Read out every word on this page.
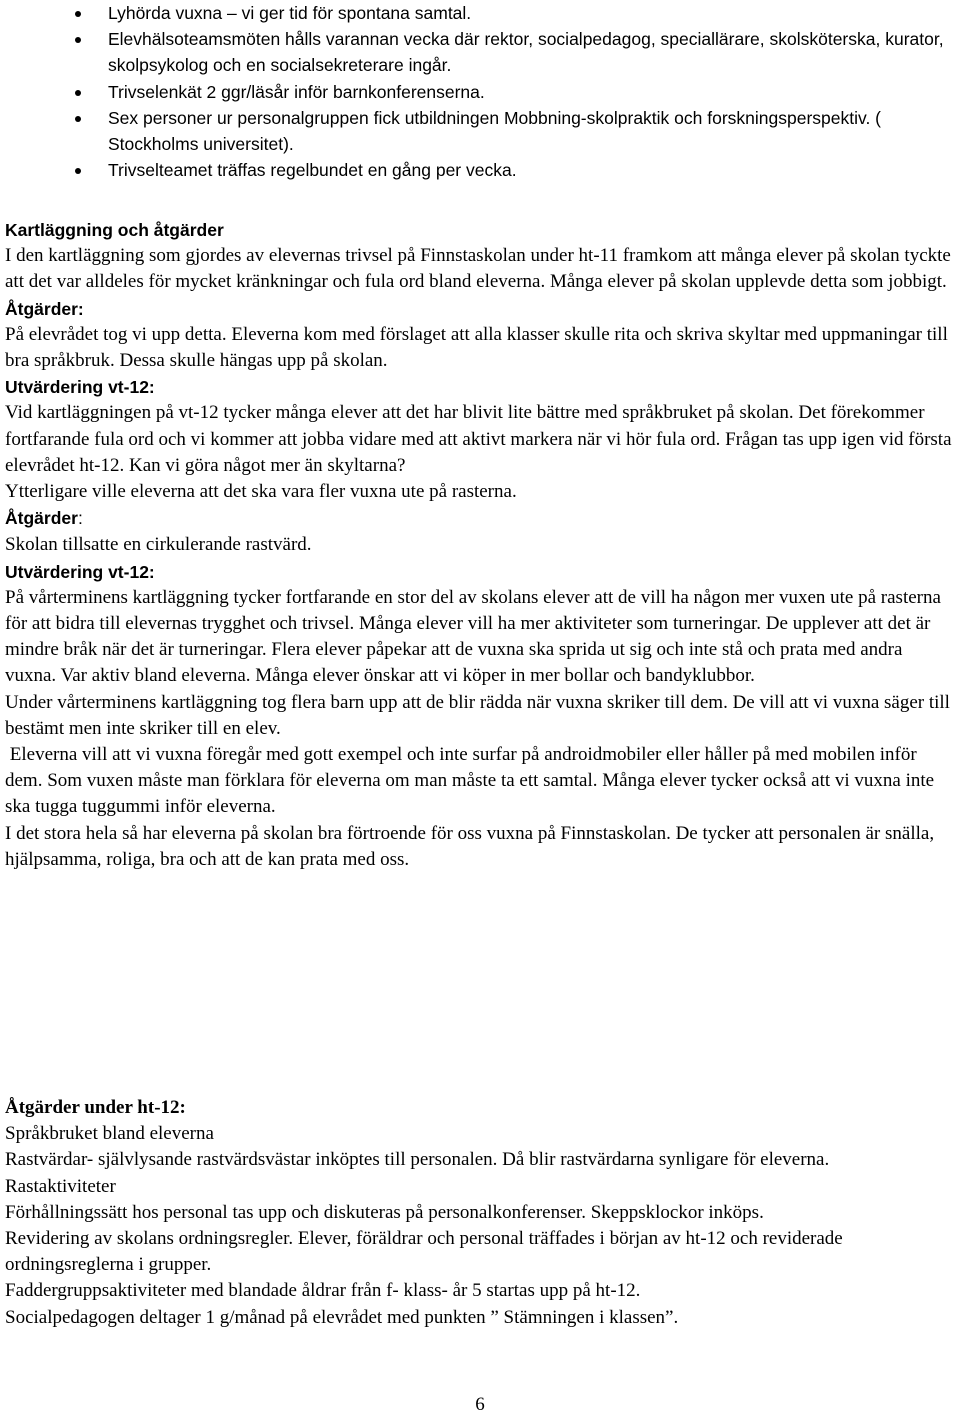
Lyhörda vuxna – vi ger tid för spontana samtal.
Elevhälsoteamsmöten hålls varannan vecka där rektor, socialpedagog, speciallärare, skolsköterska, kurator, skolpsykolog och en socialsekreterare ingår.
Trivselenkät 2 ggr/läsår inför barnkonferenserna.
Sex personer ur personalgruppen fick utbildningen Mobbning-skolpraktik och forskningsperspektiv. ( Stockholms universitet).
Trivselteamet träffas regelbundet en gång per vecka.

Kartläggning och åtgärder

I den kartläggning som gjordes av elevernas trivsel på Finnstaskolan under ht-11 framkom att många elever på skolan tyckte att det var alldeles för mycket kränkningar och fula ord bland eleverna. Många elever på skolan upplevde detta som jobbigt.

Åtgärder:

På elevrådet tog vi upp detta. Eleverna kom med förslaget att alla klasser skulle rita och skriva skyltar med uppmaningar till bra språkbruk. Dessa skulle hängas upp på skolan.

Utvärdering vt-12:

Vid kartläggningen på vt-12 tycker många elever att det har blivit lite bättre med språkbruket på skolan. Det förekommer fortfarande fula ord och vi kommer att jobba vidare med att aktivt markera när vi hör fula ord. Frågan tas upp igen vid första elevrådet ht-12. Kan vi göra något mer än skyltarna?

Ytterligare ville eleverna att det ska vara fler vuxna ute på rasterna.

Åtgärder:

Skolan tillsatte en cirkulerande rastvärd.

Utvärdering vt-12:

På vårterminens kartläggning tycker fortfarande en stor del av skolans elever att de vill ha någon mer vuxen ute på rasterna för att bidra till elevernas trygghet och trivsel. Många elever vill ha mer aktiviteter som turneringar. De upplever att det är mindre bråk när det är turneringar. Flera elever påpekar att de vuxna ska sprida ut sig och inte stå och prata med andra vuxna. Var aktiv bland eleverna. Många elever önskar att vi köper in mer bollar och bandyklubbor.

Under vårterminens kartläggning tog flera barn upp att de blir rädda när vuxna skriker till dem. De vill att vi vuxna säger till bestämt men inte skriker till en elev.

Eleverna vill att vi vuxna föregår med gott exempel och inte surfar på androidmobiler eller håller på med mobilen inför dem. Som vuxen måste man förklara för eleverna om man måste ta ett samtal. Många elever tycker också att vi vuxna inte ska tugga tuggummi inför eleverna.

I det stora hela så har eleverna på skolan bra förtroende för oss vuxna på Finnstaskolan. De tycker att personalen är snälla, hjälpsamma, roliga, bra och att de kan prata med oss.

Åtgärder under ht-12:

Språkbruket bland eleverna

Rastvärdar- självlysande rastvärdsvästar inköptes till personalen. Då blir rastvärdarna synligare för eleverna.

Rastaktiviteter

Förhållningssätt hos personal tas upp och diskuteras på personalkonferenser. Skeppsklockor inköps.

Revidering av skolans ordningsregler. Elever, föräldrar och personal träffades i början av ht-12 och reviderade ordningsreglerna i grupper.

Faddergruppsaktiviteter med blandade åldrar från f- klass- år 5 startas upp på ht-12.

Socialpedagogen deltager 1 g/månad på elevrådet med punkten ” Stämningen i klassen”.

6
